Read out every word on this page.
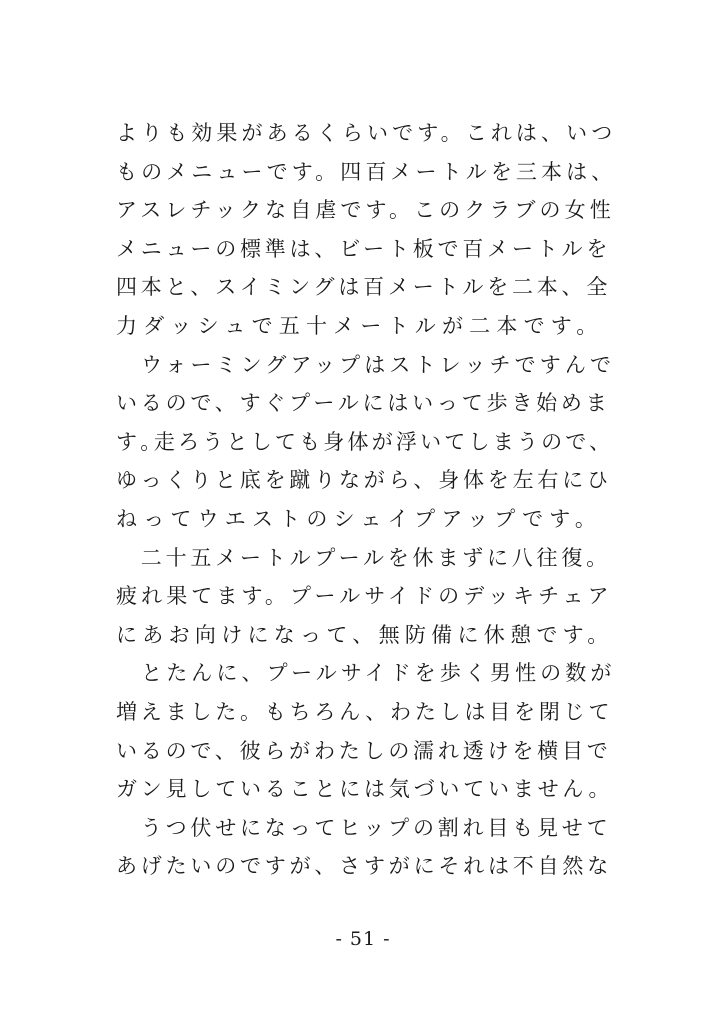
よりも効果があるくらいです。これは、いつ
ものメニューです。四百メートルを三本は、
アスレチックな自虐です。このクラブの女性
メニューの標準は、ビート板で百メートルを
四本と、スイミングは百メートルを二本、全
力ダッシュで五十メートルが二本です。
　ウォーミングアップはストレッチですんで
いるので、すぐプールにはいって歩き始めま
す｡走ろうとしても身体が浮いてしまうので、
ゆっくりと底を蹴りながら、身体を左右にひ
ねってウエストのシェイプアップです。
　二十五メートルプールを休まずに八往復。
疲れ果てます。プールサイドのデッキチェア
にあお向けになって、無防備に休憩です。
　とたんに、プールサイドを歩く男性の数が
増えました。もちろん、わたしは目を閉じて
いるので、彼らがわたしの濡れ透けを横目で
ガン見していることには気づいていません。
　うつ伏せになってヒップの割れ目も見せて
あげたいのですが、さすがにそれは不自然な
- 51 -
